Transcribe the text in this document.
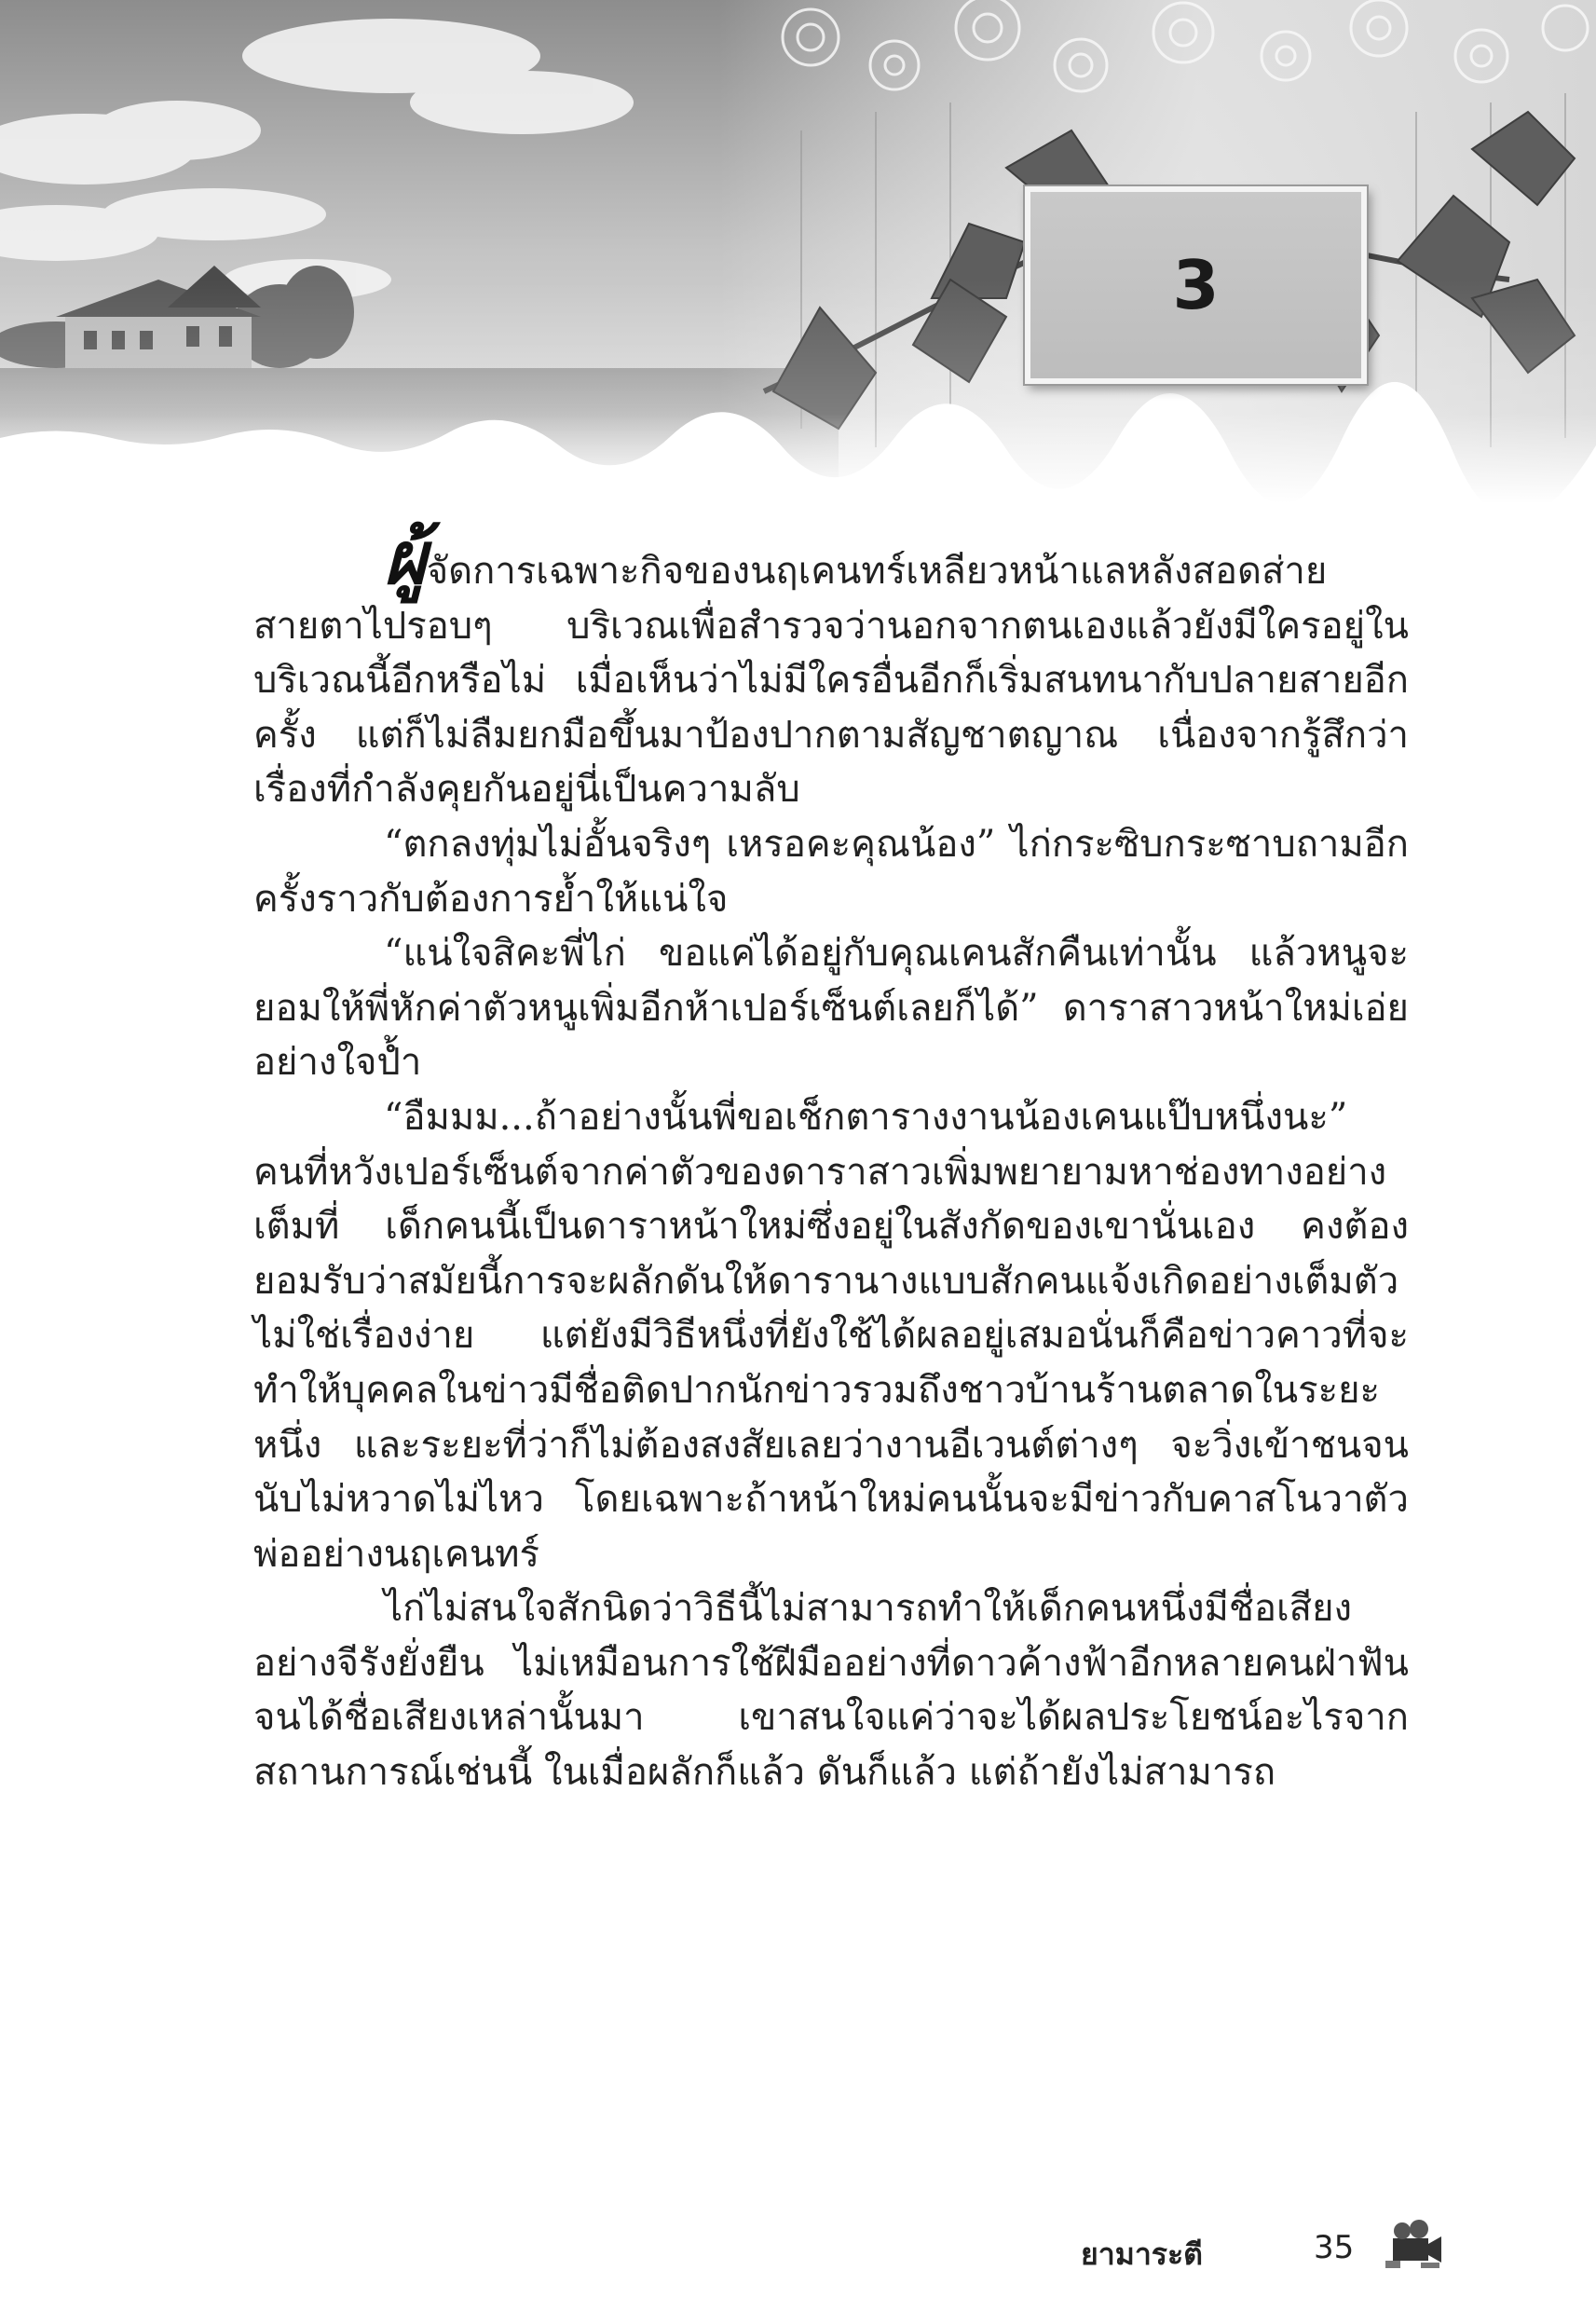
3

ผู้จัดการเฉพาะกิจของนฤเคนทร์เหลียวหน้าแลหลังสอดส่ายสายตาไปรอบๆ บริเวณเพื่อสำรวจว่านอกจากตนเองแล้วยังมีใครอยู่ในบริเวณนี้อีกหรือไม่ เมื่อเห็นว่าไม่มีใครอื่นอีกก็เริ่มสนทนากับปลายสายอีกครั้ง แต่ก็ไม่ลืมยกมือขึ้นมาป้องปากตามสัญชาตญาณ เนื่องจากรู้สึกว่าเรื่องที่กำลังคุยกันอยู่นี่เป็นความลับ

“ตกลงทุ่มไม่อั้นจริงๆ เหรอคะคุณน้อง” ไก่กระซิบกระซาบถามอีกครั้งราวกับต้องการย้ำให้แน่ใจ

“แน่ใจสิคะพี่ไก่ ขอแค่ได้อยู่กับคุณเคนสักคืนเท่านั้น แล้วหนูจะยอมให้พี่หักค่าตัวหนูเพิ่มอีกห้าเปอร์เซ็นต์เลยก็ได้” ดาราสาวหน้าใหม่เอ่ยอย่างใจป้ำ

“อืมมม...ถ้าอย่างนั้นพี่ขอเช็กตารางงานน้องเคนแป๊บหนึ่งนะ” คนที่หวังเปอร์เซ็นต์จากค่าตัวของดาราสาวเพิ่มพยายามหาช่องทางอย่างเต็มที่ เด็กคนนี้เป็นดาราหน้าใหม่ซึ่งอยู่ในสังกัดของเขานั่นเอง คงต้องยอมรับว่าสมัยนี้การจะผลักดันให้ดารานางแบบสักคนแจ้งเกิดอย่างเต็มตัวไม่ใช่เรื่องง่าย แต่ยังมีวิธีหนึ่งที่ยังใช้ได้ผลอยู่เสมอนั่นก็คือข่าวคาวที่จะทำให้บุคคลในข่าวมีชื่อติดปากนักข่าวรวมถึงชาวบ้านร้านตลาดในระยะหนึ่ง และระยะที่ว่าก็ไม่ต้องสงสัยเลยว่างานอีเวนต์ต่างๆ จะวิ่งเข้าชนจนนับไม่หวาดไม่ไหว โดยเฉพาะถ้าหน้าใหม่คนนั้นจะมีข่าวกับคาสโนวาตัวพ่ออย่างนฤเคนทร์

ไก่ไม่สนใจสักนิดว่าวิธีนี้ไม่สามารถทำให้เด็กคนหนึ่งมีชื่อเสียงอย่างจีรังยั่งยืน ไม่เหมือนการใช้ฝีมืออย่างที่ดาวค้างฟ้าอีกหลายคนฝ่าฟันจนได้ชื่อเสียงเหล่านั้นมา เขาสนใจแค่ว่าจะได้ผลประโยชน์อะไรจากสถานการณ์เช่นนี้ ในเมื่อผลักก็แล้ว ดันก็แล้ว แต่ถ้ายังไม่สามารถ

ยามาระตี	35
